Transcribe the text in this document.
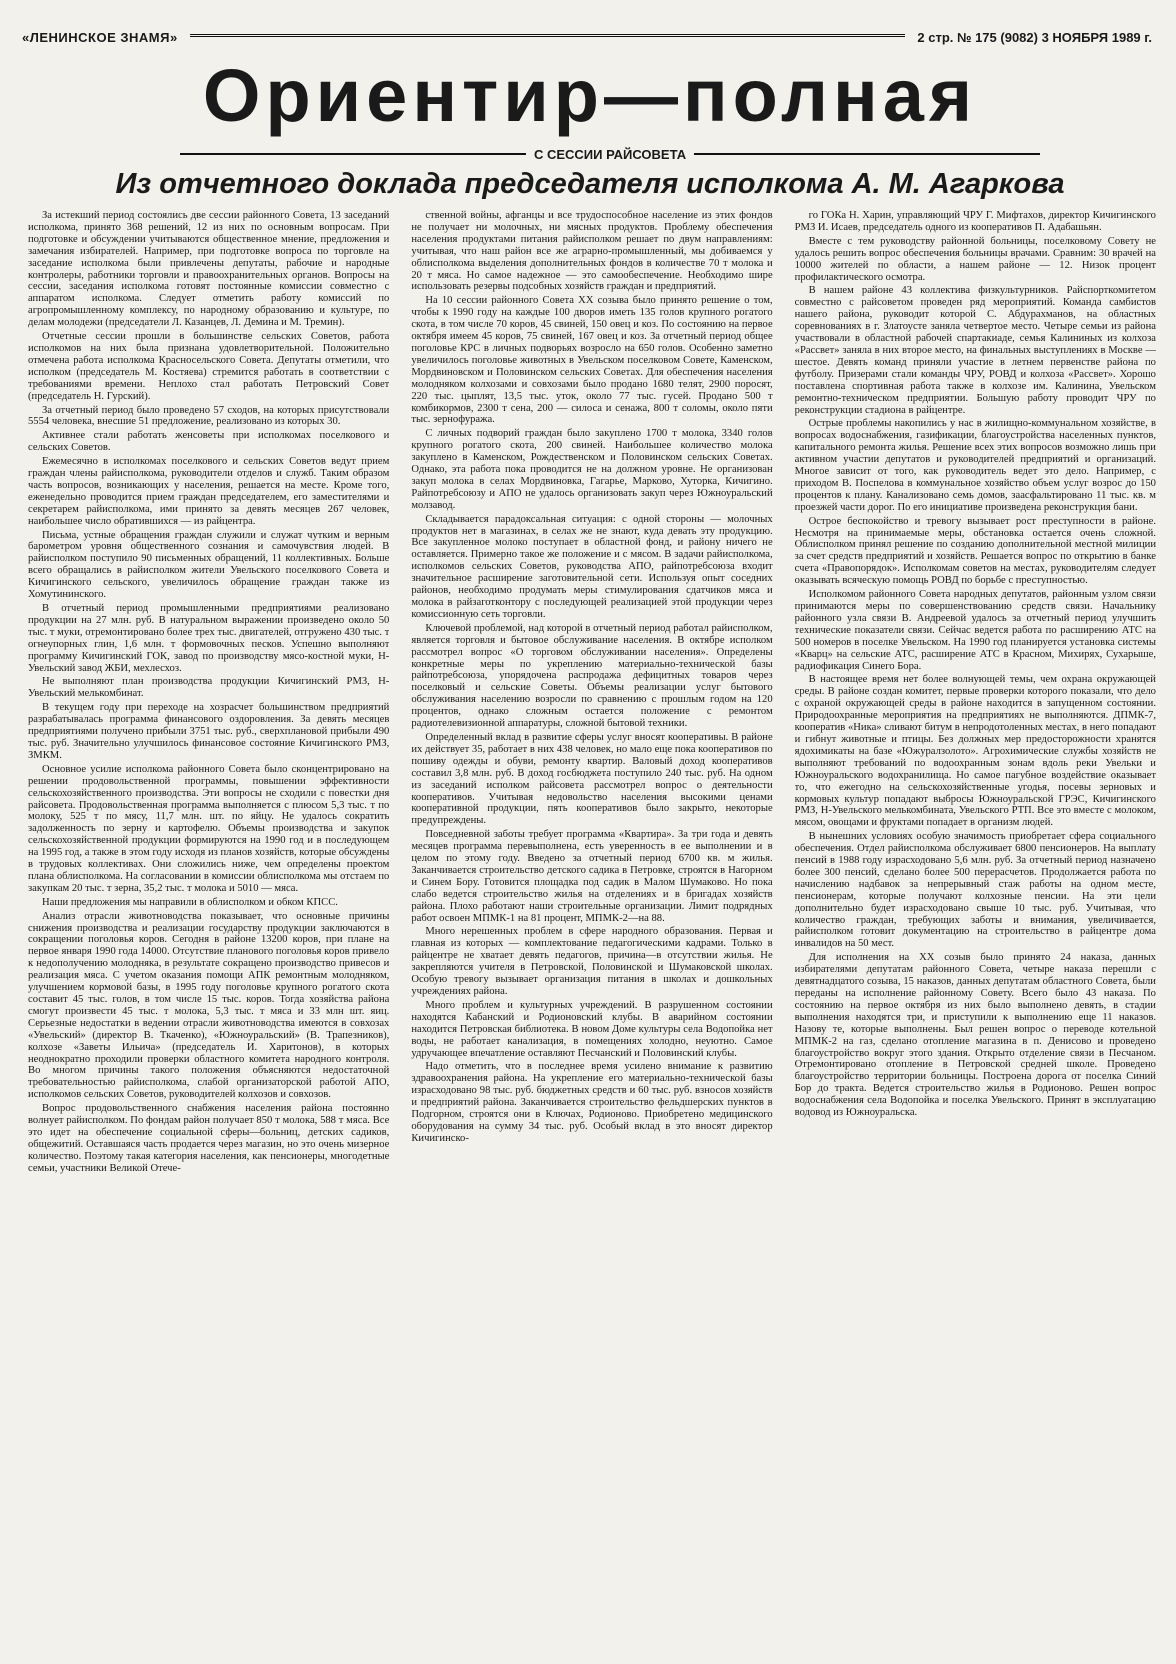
«ЛЕНИНСКОЕ ЗНАМЯ»	2 стр. № 175 (9082) 3 НОЯБРЯ 1989 г.
Ориентир—полная
С СЕССИИ РАЙСОВЕТА
Из отчетного доклада председателя исполкома А. М. Агаркова

За истекший период состоялись две сессии районного Совета, 13 заседаний исполкома, принято 368 решений, 12 из них по основным вопросам. При подготовке и обсуждении учитываются общественное мнение, предложения и замечания избирателей. Например, при подготовке вопроса по торговле на заседание исполкома были привлечены депутаты, рабочие и народные контролеры, работники торговли и правоохранительных органов. Вопросы на сессии, заседания исполкома готовят постоянные комиссии совместно с аппаратом исполкома. Следует отметить работу комиссий по агропромышленному комплексу, по народному образованию и культуре, по делам молодежи (председатели Л. Казанцев, Л. Демина и М. Тремин).

Отчетные сессии прошли в большинстве сельских Советов, работа исполкомов на них была признана удовлетворительной. Положительно отмечена работа исполкома Красносельского Совета. Депутаты отметили, что исполком (председатель М. Костяева) стремится работать в соответствии с требованиями времени. Неплохо стал работать Петровский Совет (председатель Н. Гурский).

За отчетный период было проведено 57 сходов, на которых присутствовали 5554 человека, внесшие 51 предложение, реализовано из которых 30.

Активнее стали работать женсоветы при исполкомах поселкового и сельских Советов.

Ежемесячно в исполкомах поселкового и сельских Советов ведут прием граждан члены райисполкома, руководители отделов и служб. Таким образом часть вопросов, возникающих у населения, решается на месте. Кроме того, еженедельно проводится прием граждан председателем, его заместителями и секретарем райисполкома, ими принято за девять месяцев 267 человек, наибольшее число обратившихся — из райцентра.

Письма, устные обращения граждан служили и служат чутким и верным барометром уровня общественного сознания и самочувствия людей. В райисполком поступило 90 письменных обращений, 11 коллективных. Больше всего обращались в райисполком жители Увельского поселкового Совета и Кичигинского сельского, увеличилось обращение граждан также из Хомутининского.

В отчетный период промышленными предприятиями реализовано продукции на 27 млн. руб. В натуральном выражении произведено около 50 тыс. т муки, отремонтировано более трех тыс. двигателей, отгружено 430 тыс. т огнеупорных глин, 1,6 млн. т формовочных песков. Успешно выполняют программу Кичигинский ГОК, завод по производству мясо-костной муки, Н-Увельский завод ЖБИ, мехлесхоз.

Не выполняют план производства продукции Кичигинский РМЗ, Н-Увельский мелькомбинат.

В текущем году при переходе на хозрасчет большинством предприятий разрабатывалась программа финансового оздоровления. За девять месяцев предприятиями получено прибыли 3751 тыс. руб., сверхплановой прибыли 490 тыс. руб. Значительно улучшилось финансовое состояние Кичигинского РМЗ, ЗМКМ.

Основное усилие исполкома районного Совета было сконцентрировано на решении продовольственной программы, повышении эффективности сельскохозяйственного производства. Эти вопросы не сходили с повестки дня райсовета. Продовольственная программа выполняется с плюсом 5,3 тыс. т по молоку, 525 т по мясу, 11,7 млн. шт. по яйцу. Не удалось сократить задолженность по зерну и картофелю. Объемы производства и закупок сельскохозяйственной продукции формируются на 1990 год и в последующем на 1995 год, а также в этом году исходя из планов хозяйств, которые обсуждены в трудовых коллективах. Они сложились ниже, чем определены проектом плана облисполкома. На согласовании в комиссии облисполкома мы отстаем по закупкам 20 тыс. т зерна, 35,2 тыс. т молока и 5010 — мяса.

Наши предложения мы направили в облисполком и обком КПСС.

Анализ отрасли животноводства показывает, что основные причины снижения производства и реализации государству продукции заключаются в сокращении поголовья коров. Сегодня в районе 13200 коров, при плане на первое января 1990 года 14000. Отсутствие планового поголовья коров привело к недополучению молодняка, в результате сокращено производство привесов и реализация мяса. С учетом оказания помощи АПК ремонтным молодняком, улучшением кормовой базы, в 1995 году поголовье крупного рогатого скота составит 45 тыс. голов, в том числе 15 тыс. коров. Тогда хозяйства района смогут произвести 45 тыс. т молока, 5,3 тыс. т мяса и 33 млн шт. яиц. Серьезные недостатки в ведении отрасли животноводства имеются в совхозах «Увельский» (директор В. Ткаченко), «Южноуральский» (В. Трапезников), колхозе «Заветы Ильича» (председатель И. Харитонов), в которых неоднократно проходили проверки областного комитета народного контроля. Во многом причины такого положения объясняются недостаточной требовательностью райисполкома, слабой организаторской работой АПО, исполкомов сельских Советов, руководителей колхозов и совхозов.

Вопрос продовольственного снабжения населения района постоянно волнует райисполком. По фондам район получает 850 т молока, 588 т мяса. Все это идет на обеспечение социальной сферы—больниц, детских садиков, общежитий. Оставшаяся часть продается через магазин, но это очень мизерное количество. Поэтому такая категория населения, как пенсионеры, многодетные семьи, участники Великой Отече-

ственной войны, афганцы и все трудоспособное население из этих фондов не получает ни молочных, ни мясных продуктов. Проблему обеспечения населения продуктами питания райисполком решает по двум направлениям: учитывая, что наш район все же аграрно-промышленный, мы добиваемся у облисполкома выделения дополнительных фондов в количестве 70 т молока и 20 т мяса. Но самое надежное — это самообеспечение. Необходимо шире использовать резервы подсобных хозяйств граждан и предприятий.

На 10 сессии районного Совета XX созыва было принято решение о том, чтобы к 1990 году на каждые 100 дворов иметь 135 голов крупного рогатого скота, в том числе 70 коров, 45 свиней, 150 овец и коз. По состоянию на первое октября имеем 45 коров, 75 свиней, 167 овец и коз. За отчетный период общее поголовье КРС в личных подворьях возросло на 650 голов. Особенно заметно увеличилось поголовье животных в Увельском поселковом Совете, Каменском, Мордвиновском и Половинском сельских Советах. Для обеспечения населения молодняком колхозами и совхозами было продано 1680 телят, 2900 поросят, 220 тыс. цыплят, 13,5 тыс. уток, около 77 тыс. гусей. Продано 500 т комбикормов, 2300 т сена, 200 — силоса и сенажа, 800 т соломы, около пяти тыс. зернофуража.

С личных подворий граждан было закуплено 1700 т молока, 3340 голов крупного рогатого скота, 200 свиней. Наибольшее количество молока закуплено в Каменском, Рождественском и Половинском сельских Советах. Однако, эта работа пока проводится не на должном уровне. Не организован закуп молока в селах Мордвиновка, Гагарье, Марково, Хуторка, Кичигино. Райпотребсоюзу и АПО не удалось организовать закуп через Южноуральский молзавод.

Складывается парадоксальная ситуация: с одной стороны — молочных продуктов нет в магазинах, в селах же не знают, куда девать эту продукцию. Все закупленное молоко поступает в областной фонд, и району ничего не оставляется. Примерно такое же положение и с мясом. В задачи райисполкома, исполкомов сельских Советов, руководства АПО, райпотребсоюза входит значительное расширение заготовительной сети. Используя опыт соседних районов, необходимо продумать меры стимулирования сдатчиков мяса и молока в райзаготконтору с последующей реализацией этой продукции через комиссионную сеть торговли.

Ключевой проблемой, над которой в отчетный период работал райисполком, является торговля и бытовое обслуживание населения. В октябре исполком рассмотрел вопрос «О торговом обслуживании населения». Определены конкретные меры по укреплению материально-технической базы райпотребсоюза, упорядочена распродажа дефицитных товаров через поселковый и сельские Советы. Объемы реализации услуг бытового обслуживания населению возросли по сравнению с прошлым годом на 120 процентов, однако сложным остается положение с ремонтом радиотелевизионной аппаратуры, сложной бытовой техники.

Определенный вклад в развитие сферы услуг вносят кооперативы. В районе их действует 35, работает в них 438 человек, но мало еще пока кооперативов по пошиву одежды и обуви, ремонту квартир. Валовый доход кооперативов составил 3,8 млн. руб. В доход госбюджета поступило 240 тыс. руб. На одном из заседаний исполком райсовета рассмотрел вопрос о деятельности кооперативов. Учитывая недовольство населения высокими ценами кооперативной продукции, пять кооперативов было закрыто, некоторые предупреждены.

Повседневной заботы требует программа «Квартира». За три года и девять месяцев программа перевыполнена, есть уверенность в ее выполнении и в целом по этому году. Введено за отчетный период 6700 кв. м жилья. Заканчивается строительство детского садика в Петровке, строятся в Нагорном и Синем Бору. Готовится площадка под садик в Малом Шумаково. Но пока слабо ведется строительство жилья на отделениях и в бригадах хозяйств района. Плохо работают наши строительные организации. Лимит подрядных работ освоен МПМК-1 на 81 процент, МПМК-2—на 88.

Много нерешенных проблем в сфере народного образования. Первая и главная из которых — комплектование педагогическими кадрами. Только в райцентре не хватает девять педагогов, причина—в отсутствии жилья. Не закрепляются учителя в Петровской, Половинской и Шумаковской школах. Особую тревогу вызывает организация питания в школах и дошкольных учреждениях района.

Много проблем и культурных учреждений. В разрушенном состоянии находятся Кабанский и Родионовский клубы. В аварийном состоянии находится Петровская библиотека. В новом Доме культуры села Водопойка нет воды, не работает канализация, в помещениях холодно, неуютно. Самое удручающее впечатление оставляют Песчанский и Половинский клубы.

Надо отметить, что в последнее время усилено внимание к развитию здравоохранения района. На укрепление его материально-технической базы израсходовано 98 тыс. руб. бюджетных средств и 60 тыс. руб. взносов хозяйств и предприятий района. Заканчивается строительство фельдшерских пунктов в Подгорном, строятся они в Ключах, Родионово. Приобретено медицинского оборудования на сумму 34 тыс. руб. Особый вклад в это вносят директор Кичигинско-

го ГОКа Н. Харин, управляющий ЧРУ Г. Мифтахов, директор Кичигинского РМЗ И. Исаев, председатель одного из кооперативов П. Адабашьян.

Вместе с тем руководству районной больницы, поселковому Совету не удалось решить вопрос обеспечения больницы врачами. Сравним: 30 врачей на 10000 жителей по области, а нашем районе — 12. Низок процент профилактического осмотра.

В нашем районе 43 коллектива физкультурников. Райспорткомитетом совместно с райсоветом проведен ряд мероприятий. Команда самбистов нашего района, руководит которой С. Абдурахманов, на областных соревнованиях в г. Златоусте заняла четвертое место. Четыре семьи из района участвовали в областной рабочей спартакиаде, семья Калининых из колхоза «Рассвет» заняла в них второе место, на финальных выступлениях в Москве — шестое. Девять команд приняли участие в летнем первенстве района по футболу. Призерами стали команды ЧРУ, РОВД и колхоза «Рассвет». Хорошо поставлена спортивная работа также в колхозе им. Калинина, Увельском ремонтно-техническом предприятии. Большую работу проводит ЧРУ по реконструкции стадиона в райцентре.

Острые проблемы накопились у нас в жилищно-коммунальном хозяйстве, в вопросах водоснабжения, газификации, благоустройства населенных пунктов, капитального ремонта жилья. Решение всех этих вопросов возможно лишь при активном участии депутатов и руководителей предприятий и организаций. Многое зависит от того, как руководитель ведет это дело. Например, с приходом В. Поспелова в коммунальное хозяйство объем услуг возрос до 150 процентов к плану. Канализовано семь домов, заасфальтировано 11 тыс. кв. м проезжей части дорог. По его инициативе произведена реконструкция бани.

Острое беспокойство и тревогу вызывает рост преступности в районе. Несмотря на принимаемые меры, обстановка остается очень сложной. Облисполком принял решение по созданию дополнительной местной милиции за счет средств предприятий и хозяйств. Решается вопрос по открытию в банке счета «Правопорядок». Исполкомам советов на местах, руководителям следует оказывать всяческую помощь РОВД по борьбе с преступностью.

Исполкомом районного Совета народных депутатов, районным узлом связи принимаются меры по совершенствованию средств связи. Начальнику районного узла связи В. Андреевой удалось за отчетный период улучшить технические показатели связи. Сейчас ведется работа по расширению АТС на 500 номеров в поселке Увельском. На 1990 год планируется установка системы «Кварц» на сельские АТС, расширение АТС в Красном, Михирях, Сухарыше, радиофикация Синего Бора.

В настоящее время нет более волнующей темы, чем охрана окружающей среды. В районе создан комитет, первые проверки которого показали, что дело с охраной окружающей среды в районе находится в запущенном состоянии. Природоохранные мероприятия на предприятиях не выполняются. ДПМК-7, кооператив «Ника» сливают битум в непродотоленных местах, в него попадают и гибнут животные и птицы. Без должных мер предосторожности хранятся ядохимикаты на базе «Южуралзолото». Агрохимические службы хозяйств не выполняют требований по водоохранным зонам вдоль реки Увельки и Южноуральского водохранилища. Но самое пагубное воздействие оказывает то, что ежегодно на сельскохозяйственные угодья, посевы зерновых и кормовых культур попадают выбросы Южноуральской ГРЭС, Кичигинского РМЗ, Н-Увельского мелькомбината, Увельского РТП. Все это вместе с молоком, мясом, овощами и фруктами попадает в организм людей.

В нынешних условиях особую значимость приобретает сфера социального обеспечения. Отдел райисполкома обслуживает 6800 пенсионеров. На выплату пенсий в 1988 году израсходовано 5,6 млн. руб. За отчетный период назначено более 300 пенсий, сделано более 500 перерасчетов. Продолжается работа по начислению надбавок за непрерывный стаж работы на одном месте, пенсионерам, которые получают колхозные пенсии. На эти цели дополнительно будет израсходовано свыше 10 тыс. руб. Учитывая, что количество граждан, требующих заботы и внимания, увеличивается, райисполком готовит документацию на строительство в райцентре дома инвалидов на 50 мест.

Для исполнения на XX созыв было принято 24 наказа, данных избирателями депутатам районного Совета, четыре наказа перешли с девятнадцатого созыва, 15 наказов, данных депутатам областного Совета, были переданы на исполнение районному Совету. Всего было 43 наказа. По состоянию на первое октября из них было выполнено девять, в стадии выполнения находятся три, и приступили к выполнению еще 11 наказов. Назову те, которые выполнены. Был решен вопрос о переводе котельной МПМК-2 на газ, сделано отопление магазина в п. Денисово и проведено благоустройство вокруг этого здания. Открыто отделение связи в Песчаном. Отремонтировано отопление в Петровской средней школе. Проведено благоустройство территории больницы. Построена дорога от поселка Синий Бор до тракта. Ведется строительство жилья в Родионово. Решен вопрос водоснабжения села Водопойка и поселка Увельского. Принят в эксплуатацию водовод из Южноуральска.
